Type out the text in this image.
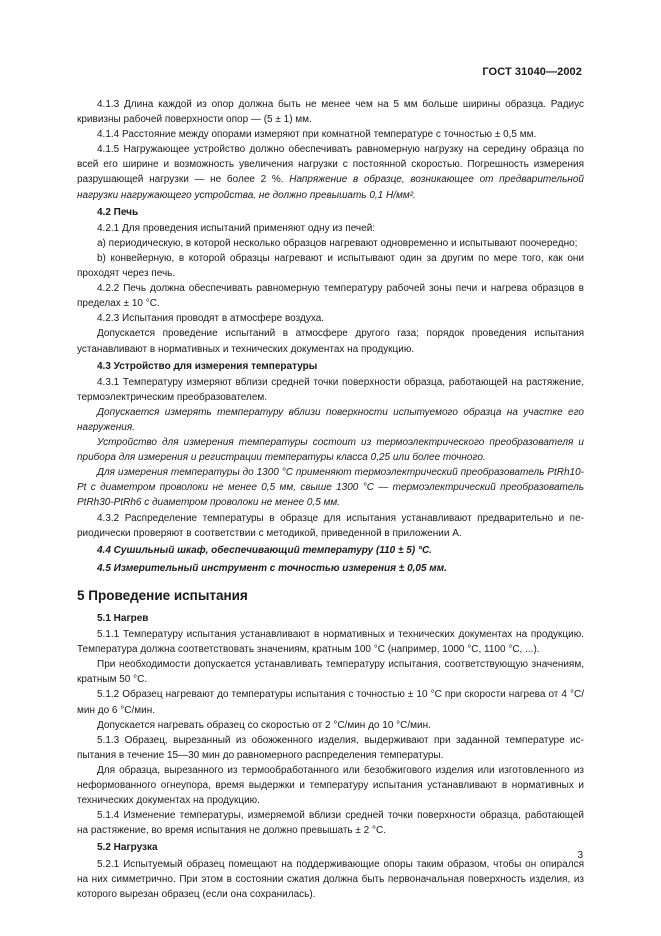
ГОСТ 31040—2002

4.1.3 Длина каждой из опор должна быть не менее чем на 5 мм больше ширины образца. Радиус кривизны рабочей поверхности опор — (5 ± 1) мм.

4.1.4 Расстояние между опорами измеряют при комнатной температуре с точностью ± 0,5 мм.

4.1.5 Нагружающее устройство должно обеспечивать равномерную нагрузку на середину образца по всей его ширине и возможность увеличения нагрузки с постоянной скоростью. Погрешность измерения разрушающей нагрузки — не более 2 %. Напряжение в образце, возникающее от предварительной нагрузки нагружающего устройства, не должно превышать 0,1 Н/мм².

4.2 Печь

4.2.1 Для проведения испытаний применяют одну из печей:

а) периодическую, в которой несколько образцов нагревают одновременно и испытывают поочередно;

b) конвейерную, в которой образцы нагревают и испытывают один за другим по мере того, как они проходят через печь.

4.2.2 Печь должна обеспечивать равномерную температуру рабочей зоны печи и нагрева образцов в пределах ± 10 °С.

4.2.3 Испытания проводят в атмосфере воздуха.

Допускается проведение испытаний в атмосфере другого газа; порядок проведения испытания устанавливают в нормативных и технических документах на продукцию.

4.3 Устройство для измерения температуры

4.3.1 Температуру измеряют вблизи средней точки поверхности образца, работающей на растяжение, термоэлектрическим преобразователем.

Допускается измерять температуру вблизи поверхности испытуемого образца на участке его нагружения.

Устройство для измерения температуры состоит из термоэлектрического преобразователя и прибора для измерения и регистрации температуры класса 0,25 или более точного.

Для измерения температуры до 1300 °С применяют термоэлектрический преобразователь PtRh10-Pt с диаметром проволоки не менее 0,5 мм, свыше 1300 °С — термоэлектрический преобразователь PtRh30-PtRh6 с диаметром проволоки не менее 0,5 мм.

4.3.2 Распределение температуры в образце для испытания устанавливают предварительно и периодически проверяют в соответствии с методикой, приведенной в приложении А.

4.4 Сушильный шкаф, обеспечивающий температуру (110 ± 5) °С.

4.5 Измерительный инструмент с точностью измерения ± 0,05 мм.

5 Проведение испытания

5.1 Нагрев

5.1.1 Температуру испытания устанавливают в нормативных и технических документах на продукцию. Температура должна соответствовать значениям, кратным 100 °С (например, 1000 °С, 1100 °С, ...).

При необходимости допускается устанавливать температуру испытания, соответствующую значениям, кратным 50 °С.

5.1.2 Образец нагревают до температуры испытания с точностью ± 10 °С при скорости нагрева от 4 °С/мин до 6 °С/мин.

Допускается нагревать образец со скоростью от 2 °С/мин до 10 °С/мин.

5.1.3 Образец, вырезанный из обожженного изделия, выдерживают при заданной температуре испытания в течение 15—30 мин до равномерного распределения температуры.

Для образца, вырезанного из термообработанного или безобжигового изделия или изготовленного из неформованного огнеупора, время выдержки и температуру испытания устанавливают в нормативных и технических документах на продукцию.

5.1.4 Изменение температуры, измеряемой вблизи средней точки поверхности образца, работающей на растяжение, во время испытания не должно превышать ± 2 °С.

5.2 Нагрузка

5.2.1 Испытуемый образец помещают на поддерживающие опоры таким образом, чтобы он опирался на них симметрично. При этом в состоянии сжатия должна быть первоначальная поверхность изделия, из которого вырезан образец (если она сохранилась).

3
